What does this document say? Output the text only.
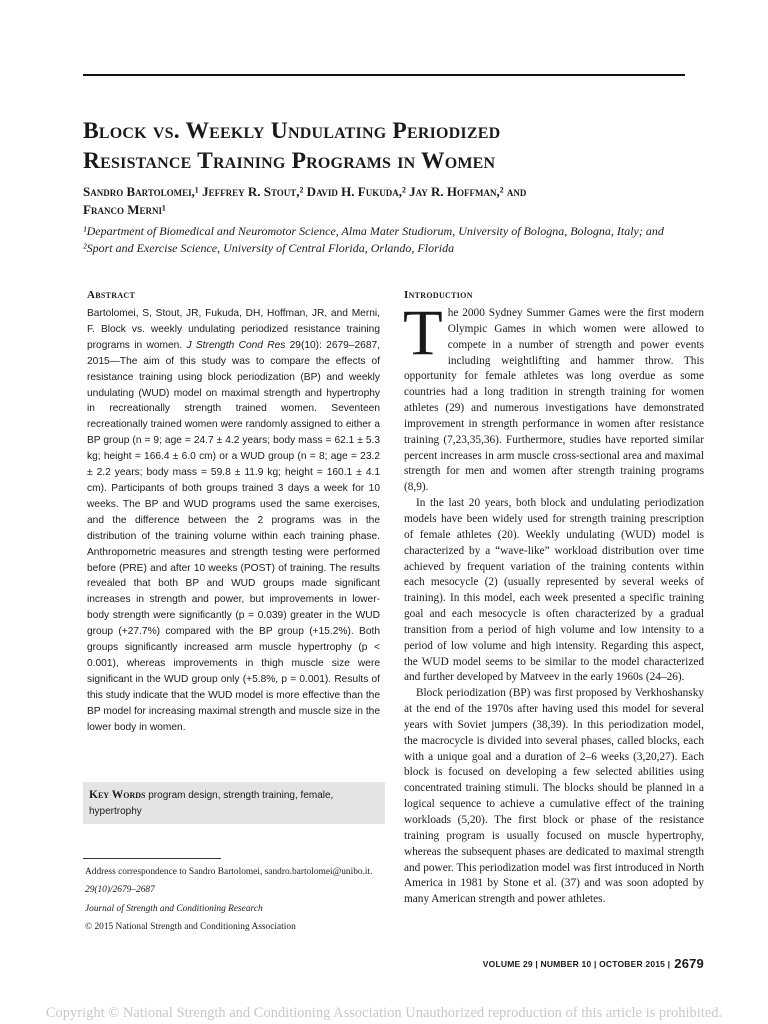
Block vs. Weekly Undulating Periodized
Resistance Training Programs in Women
Sandro Bartolomei,¹ Jeffrey R. Stout,² David H. Fukuda,² Jay R. Hoffman,² and
Franco Merni¹
¹Department of Biomedical and Neuromotor Science, Alma Mater Studiorum, University of Bologna, Bologna, Italy; and ²Sport and Exercise Science, University of Central Florida, Orlando, Florida
Abstract	Introduction
Bartolomei, S, Stout, JR, Fukuda, DH, Hoffman, JR, and Merni, F. Block vs. weekly undulating periodized resistance training programs in women. J Strength Cond Res 29(10): 2679–2687, 2015—The aim of this study was to compare the effects of resistance training using block periodization (BP) and weekly undulating (WUD) model on maximal strength and hypertrophy in recreationally strength trained women. Seventeen recreationally trained women were randomly assigned to either a BP group (n = 9; age = 24.7 ± 4.2 years; body mass = 62.1 ± 5.3 kg; height = 166.4 ± 6.0 cm) or a WUD group (n = 8; age = 23.2 ± 2.2 years; body mass = 59.8 ± 11.9 kg; height = 160.1 ± 4.1 cm). Participants of both groups trained 3 days a week for 10 weeks. The BP and WUD programs used the same exercises, and the difference between the 2 programs was in the distribution of the training volume within each training phase. Anthropometric measures and strength testing were performed before (PRE) and after 10 weeks (POST) of training. The results revealed that both BP and WUD groups made significant increases in strength and power, but improvements in lower-body strength were significantly (p = 0.039) greater in the WUD group (+27.7%) compared with the BP group (+15.2%). Both groups significantly increased arm muscle hypertrophy (p < 0.001), whereas improvements in thigh muscle size were significant in the WUD group only (+5.8%, p = 0.001). Results of this study indicate that the WUD model is more effective than the BP model for increasing maximal strength and muscle size in the lower body in women.
Key Words program design, strength training, female, hypertrophy
Address correspondence to Sandro Bartolomei, sandro.bartolomei@unibo.it.
29(10)/2679–2687
Journal of Strength and Conditioning Research
© 2015 National Strength and Conditioning Association

The 2000 Sydney Summer Games were the first modern Olympic Games in which women were allowed to compete in a number of strength and power events including weightlifting and hammer throw. This opportunity for female athletes was long overdue as some countries had a long tradition in strength training for women athletes (29) and numerous investigations have demonstrated improvement in strength performance in women after resistance training (7,23,35,36). Furthermore, studies have reported similar percent increases in arm muscle cross-sectional area and maximal strength for men and women after strength training programs (8,9).

In the last 20 years, both block and undulating periodization models have been widely used for strength training prescription of female athletes (20). Weekly undulating (WUD) model is characterized by a “wave-like” workload distribution over time achieved by frequent variation of the training contents within each mesocycle (2) (usually represented by several weeks of training). In this model, each week presented a specific training goal and each mesocycle is often characterized by a gradual transition from a period of high volume and low intensity to a period of low volume and high intensity. Regarding this aspect, the WUD model seems to be similar to the model characterized and further developed by Matveev in the early 1960s (24–26).

Block periodization (BP) was first proposed by Verkhoshansky at the end of the 1970s after having used this model for several years with Soviet jumpers (38,39). In this periodization model, the macrocycle is divided into several phases, called blocks, each with a unique goal and a duration of 2–6 weeks (3,20,27). Each block is focused on developing a few selected abilities using concentrated training stimuli. The blocks should be planned in a logical sequence to achieve a cumulative effect of the training workloads (5,20). The first block or phase of the resistance training program is usually focused on muscle hypertrophy, whereas the subsequent phases are dedicated to maximal strength and power. This periodization model was first introduced in North America in 1981 by Stone et al. (37) and was soon adopted by many American strength and power athletes.

VOLUME 29 | NUMBER 10 | OCTOBER 2015 | 2679
Copyright © National Strength and Conditioning Association Unauthorized reproduction of this article is prohibited.
